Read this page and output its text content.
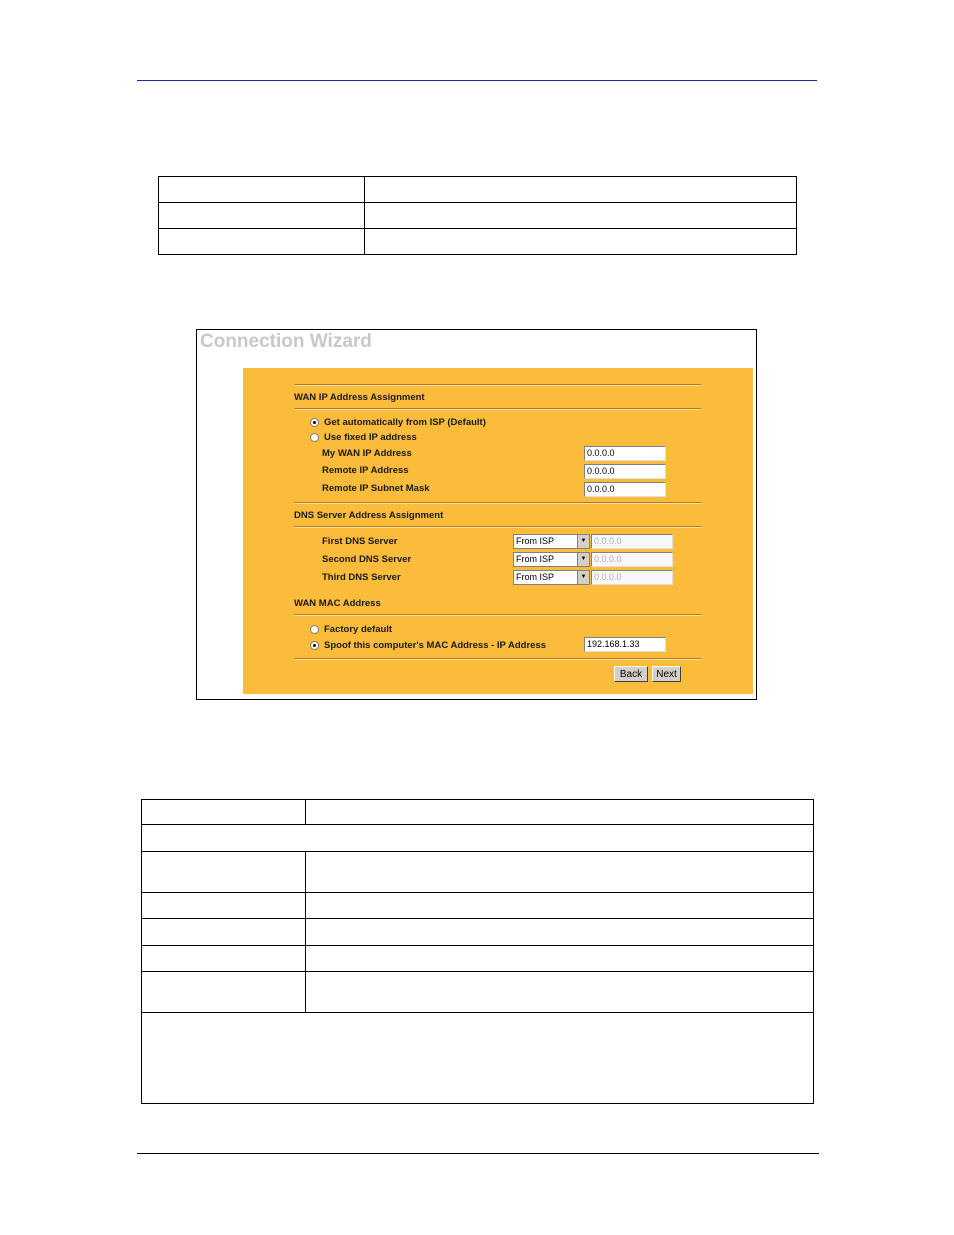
Connection Wizard
WAN IP Address Assignment
Get automatically from ISP (Default)
Use fixed IP address
My WAN IP Address	0.0.0.0
Remote IP Address	0.0.0.0
Remote IP Subnet Mask	0.0.0.0
DNS Server Address Assignment
First DNS Server	From ISP	▼ 0.0.0.0
Second DNS Server	From ISP	▼ 0.0.0.0
Third DNS Server	From ISP	▼ 0.0.0.0
WAN MAC Address
Factory default
Spoof this computer's MAC Address - IP Address	192.168.1.33
Back	Next
